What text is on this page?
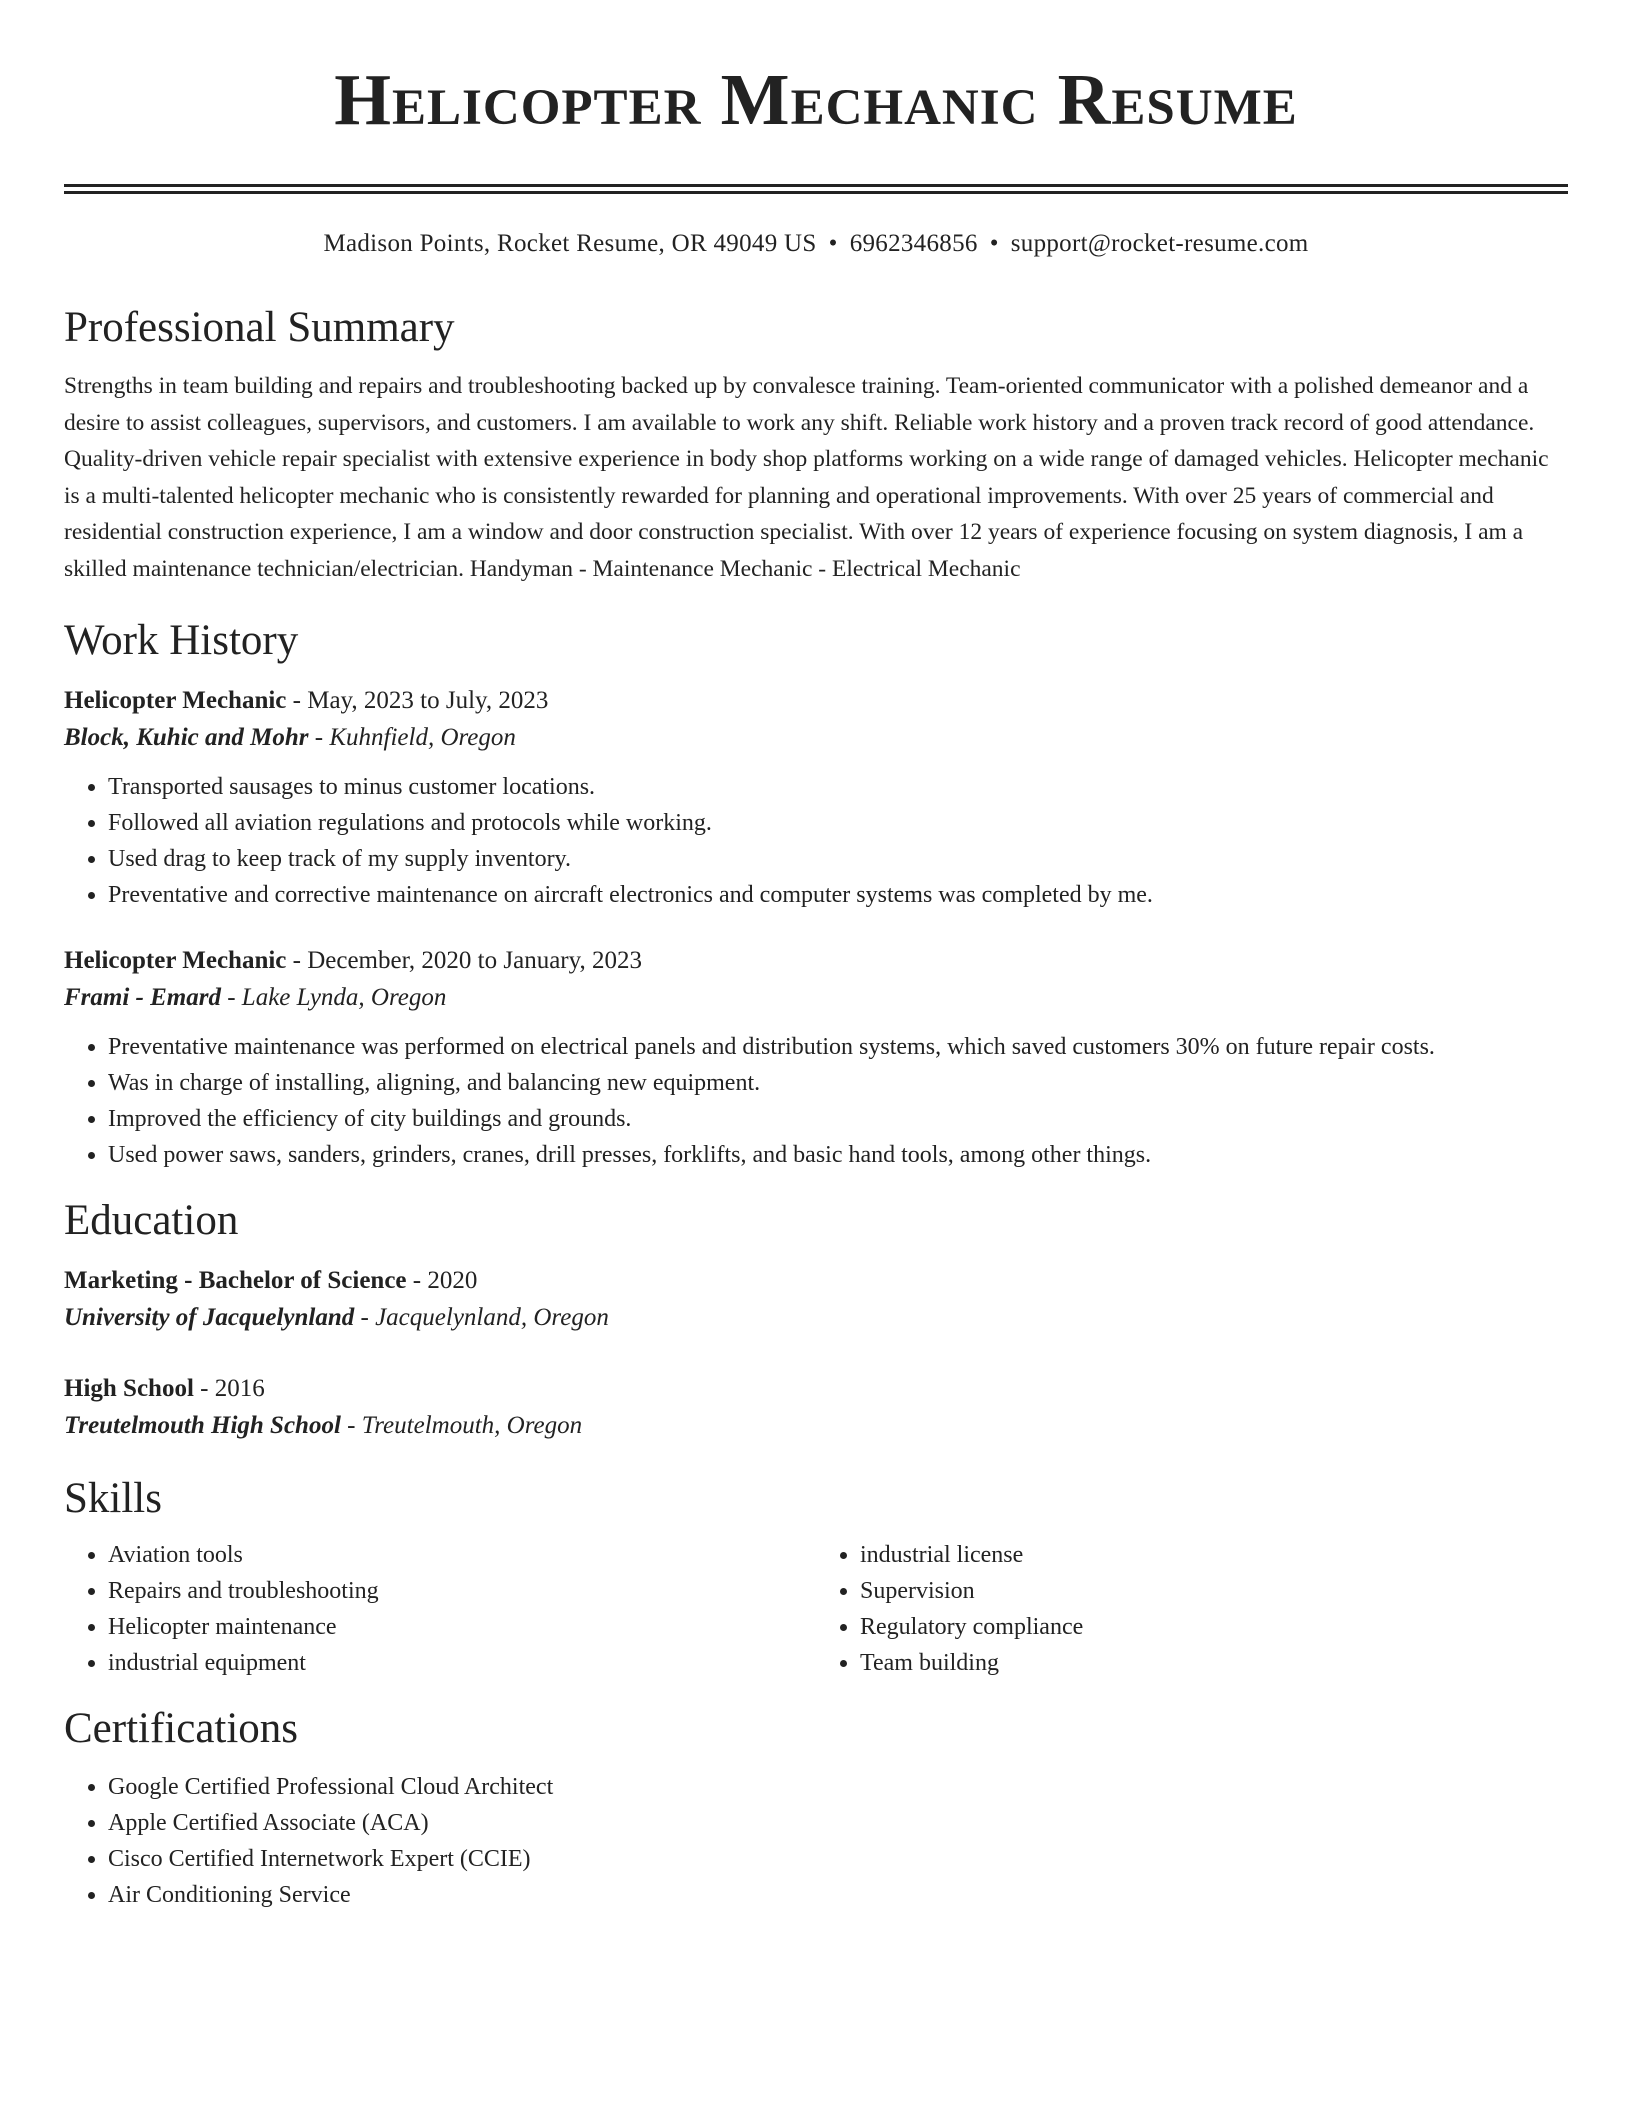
Helicopter Mechanic Resume
Madison Points, Rocket Resume, OR 49049 US • 6962346856 • support@rocket-resume.com
Professional Summary

Strengths in team building and repairs and troubleshooting backed up by convalesce training. Team-oriented communicator with a polished demeanor and a desire to assist colleagues, supervisors, and customers. I am available to work any shift. Reliable work history and a proven track record of good attendance. Quality-driven vehicle repair specialist with extensive experience in body shop platforms working on a wide range of damaged vehicles. Helicopter mechanic is a multi-talented helicopter mechanic who is consistently rewarded for planning and operational improvements. With over 25 years of commercial and residential construction experience, I am a window and door construction specialist. With over 12 years of experience focusing on system diagnosis, I am a skilled maintenance technician/electrician. Handyman - Maintenance Mechanic - Electrical Mechanic

Work History
Helicopter Mechanic - May, 2023 to July, 2023
Block, Kuhic and Mohr - Kuhnfield, Oregon
• Transported sausages to minus customer locations.
• Followed all aviation regulations and protocols while working.
• Used drag to keep track of my supply inventory.
• Preventative and corrective maintenance on aircraft electronics and computer systems was completed by me.
Helicopter Mechanic - December, 2020 to January, 2023
Frami - Emard - Lake Lynda, Oregon
• Preventative maintenance was performed on electrical panels and distribution systems, which saved customers 30% on future repair costs.
• Was in charge of installing, aligning, and balancing new equipment.
• Improved the efficiency of city buildings and grounds.
• Used power saws, sanders, grinders, cranes, drill presses, forklifts, and basic hand tools, among other things.
Education
Marketing - Bachelor of Science - 2020
University of Jacquelynland - Jacquelynland, Oregon
High School - 2016
Treutelmouth High School - Treutelmouth, Oregon
Skills
• Aviation tools
• Repairs and troubleshooting
• Helicopter maintenance
• industrial equipment
• industrial license
• Supervision
• Regulatory compliance
• Team building
Certifications
• Google Certified Professional Cloud Architect
• Apple Certified Associate (ACA)
• Cisco Certified Internetwork Expert (CCIE)
• Air Conditioning Service
